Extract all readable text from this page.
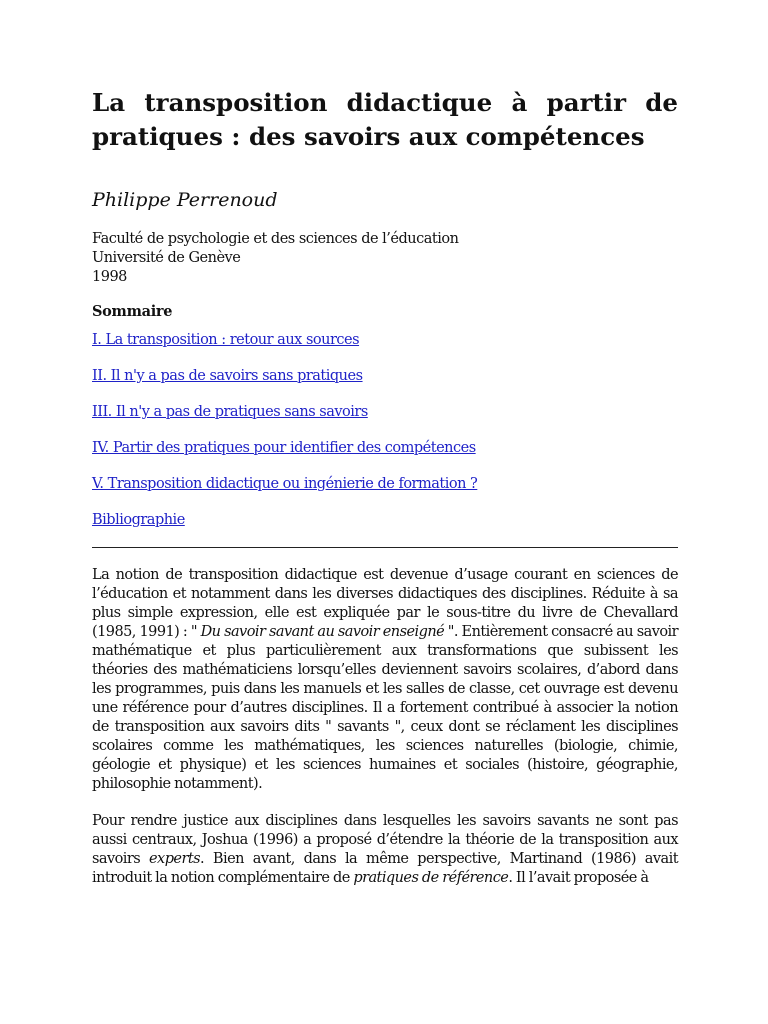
La transposition didactique à partir de pratiques : des savoirs aux compétences
Philippe Perrenoud
Faculté de psychologie et des sciences de l’éducation
Université de Genève
1998
Sommaire
I. La transposition : retour aux sources
II. Il n'y a pas de savoirs sans pratiques
III. Il n'y a pas de pratiques sans savoirs
IV. Partir des pratiques pour identifier des compétences
V. Transposition didactique ou ingénierie de formation ?
Bibliographie

La notion de transposition didactique est devenue d’usage courant en sciences de l’éducation et notamment dans les diverses didactiques des disciplines. Réduite à sa plus simple expression, elle est expliquée par le sous-titre du livre de Chevallard (1985, 1991) : " Du savoir savant au savoir enseigné ". Entièrement consacré au savoir mathématique et plus particulièrement aux transformations que subissent les théories des mathématiciens lorsqu’elles deviennent savoirs scolaires, d’abord dans les programmes, puis dans les manuels et les salles de classe, cet ouvrage est devenu une référence pour d’autres disciplines. Il a fortement contribué à associer la notion de transposition aux savoirs dits " savants ", ceux dont se réclament les disciplines scolaires comme les mathématiques, les sciences naturelles (biologie, chimie, géologie et physique) et les sciences humaines et sociales (histoire, géographie, philosophie notamment).

Pour rendre justice aux disciplines dans lesquelles les savoirs savants ne sont pas aussi centraux, Joshua (1996) a proposé d’étendre la théorie de la transposition aux savoirs experts. Bien avant, dans la même perspective, Martinand (1986) avait introduit la notion complémentaire de pratiques de référence. Il l’avait proposée à
